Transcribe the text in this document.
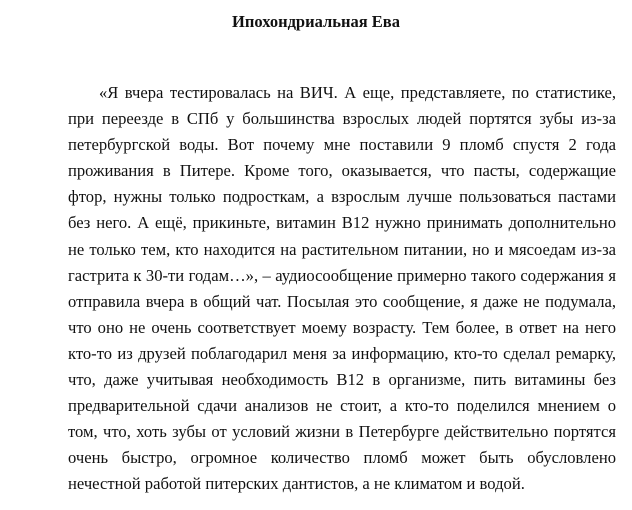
Ипохондриальная Ева

«Я вчера тестировалась на ВИЧ. А еще, представляете, по статистике, при переезде в СПб у большинства взрослых людей портятся зубы из-за петербургской воды. Вот почему мне поставили 9 пломб спустя 2 года проживания в Питере. Кроме того, оказывается, что пасты, содержащие фтор, нужны только подросткам, а взрослым лучше пользоваться пастами без него. А ещё, прикиньте, витамин В12 нужно принимать дополнительно не только тем, кто находится на растительном питании, но и мясоедам из-за гастрита к 30-ти годам…», – аудиосообщение примерно такого содержания я отправила вчера в общий чат. Посылая это сообщение, я даже не подумала, что оно не очень соответствует моему возрасту. Тем более, в ответ на него кто-то из друзей поблагодарил меня за информацию, кто-то сделал ремарку, что, даже учитывая необходимость В12 в организме, пить витамины без предварительной сдачи анализов не стоит, а кто-то поделился мнением о том, что, хоть зубы от условий жизни в Петербурге действительно портятся очень быстро, огромное количество пломб может быть обусловлено нечестной работой питерских дантистов, а не климатом и водой.
